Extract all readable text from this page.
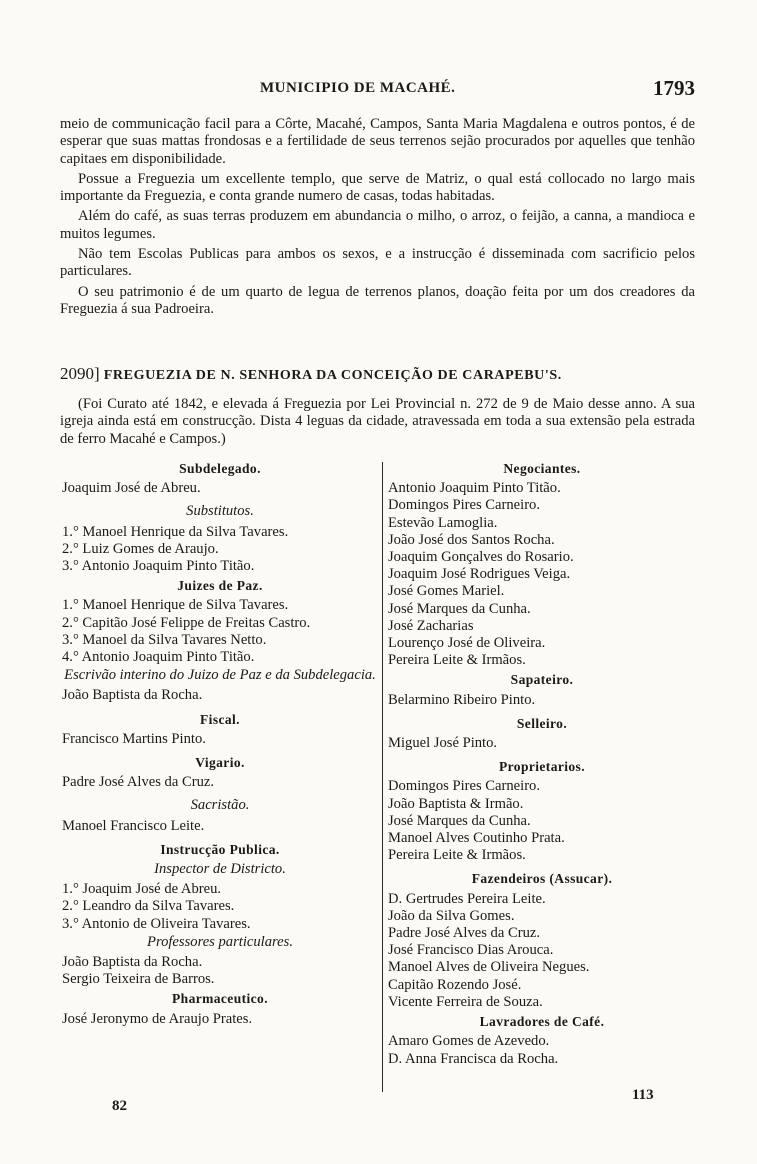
MUNICIPIO DE MACAHÉ.	1793

meio de communicação facil para a Côrte, Macahé, Campos, Santa Maria Magdalena e outros pontos, é de esperar que suas mattas frondosas e a fertilidade de seus terrenos sejão procurados por aquelles que tenhão capitaes em disponibilidade.

Possue a Freguezia um excellente templo, que serve de Matriz, o qual está collocado no largo mais importante da Freguezia, e conta grande numero de casas, todas habitadas.

Além do café, as suas terras produzem em abundancia o milho, o arroz, o feijão, a canna, a mandioca e muitos legumes.

Não tem Escolas Publicas para ambos os sexos, e a instrucção é disseminada com sacrificio pelos particulares.

O seu patrimonio é de um quarto de legua de terrenos planos, doação feita por um dos creadores da Freguezia á sua Padroeira.

2090] FREGUEZIA DE N. SENHORA DA CONCEIÇÃO DE CARAPEBU'S.
(Foi Curato até 1842, e elevada á Freguezia por Lei Provincial n. 272 de 9 de Maio desse anno. A sua igreja ainda está em construcção. Dista 4 leguas da cidade, atravessada em toda a sua extensão pela estrada de ferro Macahé e Campos.)
Subdelegado.
Joaquim José de Abreu.
Substitutos.
1.° Manoel Henrique da Silva Tavares.
2.° Luiz Gomes de Araujo.
3.° Antonio Joaquim Pinto Titão.
Juizes de Paz.
1.° Manoel Henrique de Silva Tavares.
2.° Capitão José Felippe de Freitas Castro.
3.° Manoel da Silva Tavares Netto.
4.° Antonio Joaquim Pinto Titão.
Escrivão interino do Juizo de Paz e da Subdelegacia.
João Baptista da Rocha.
Fiscal.
Francisco Martins Pinto.
Vigario.
Padre José Alves da Cruz.
Sacristão.
Manoel Francisco Leite.
Instrucção Publica.
Inspector de Districto.
1.° Joaquim José de Abreu.
2.° Leandro da Silva Tavares.
3.° Antonio de Oliveira Tavares.
Professores particulares.
João Baptista da Rocha.
Sergio Teixeira de Barros.
Pharmaceutico.
José Jeronymo de Araujo Prates.
Negociantes.
Antonio Joaquim Pinto Titão.
Domingos Pires Carneiro.
Estevão Lamoglia.
João José dos Santos Rocha.
Joaquim Gonçalves do Rosario.
Joaquim José Rodrigues Veiga.
José Gomes Mariel.
José Marques da Cunha.
José Zacharias
Lourenço José de Oliveira.
Pereira Leite & Irmãos.
Sapateiro.
Belarmino Ribeiro Pinto.
Selleiro.
Miguel José Pinto.
Proprietarios.
Domingos Pires Carneiro.
João Baptista & Irmão.
José Marques da Cunha.
Manoel Alves Coutinho Prata.
Pereira Leite & Irmãos.
Fazendeiros (Assucar).
D. Gertrudes Pereira Leite.
João da Silva Gomes.
Padre José Alves da Cruz.
José Francisco Dias Arouca.
Manoel Alves de Oliveira Negues.
Capitão Rozendo José.
Vicente Ferreira de Souza.
Lavradores de Café.
Amaro Gomes de Azevedo.
D. Anna Francisca da Rocha.
82
113
